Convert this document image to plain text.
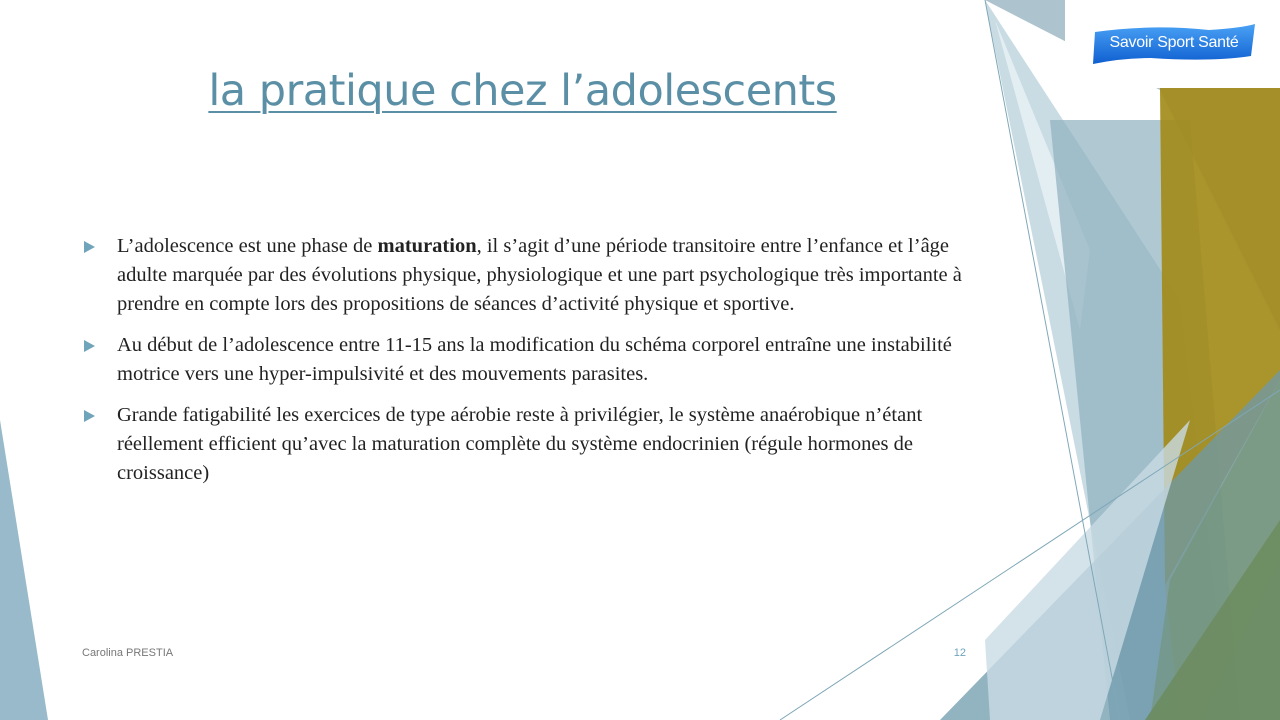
Savoir Sport Santé
la pratique chez l’adolescents
L’adolescence est une phase de maturation, il s’agit d’une période transitoire entre l’enfance et l’âge adulte marquée par des évolutions physique, physiologique et une part psychologique très importante à prendre en compte lors des propositions de séances d’activité physique et sportive.
Au début de l’adolescence entre 11-15 ans la modification du schéma corporel entraîne une instabilité motrice vers une hyper-impulsivité et des mouvements parasites.
Grande fatigabilité les exercices de type aérobie reste à privilégier, le système anaérobique n’étant réellement efficient qu’avec la maturation complète du système endocrinien (régule hormones de croissance)
Carolina PRESTIA	12
